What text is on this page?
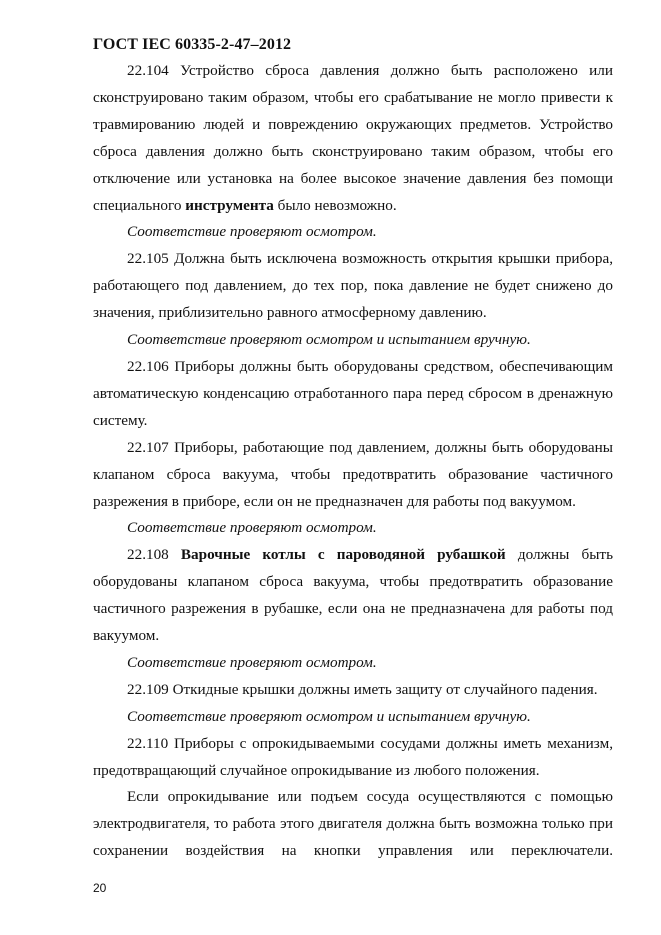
ГОСТ IEC 60335-2-47–2012

22.104 Устройство сброса давления должно быть расположено или сконструировано таким образом, чтобы его срабатывание не могло привести к травмированию людей и повреждению окружающих предметов. Устройство сброса давления должно быть сконструировано таким образом, чтобы его отключение или установка на более высокое значение давления без помощи специального инструмента было невозможно.

Соответствие проверяют осмотром.

22.105 Должна быть исключена возможность открытия крышки прибора, работающего под давлением, до тех пор, пока давление не будет снижено до значения, приблизительно равного атмосферному давлению.

Соответствие проверяют осмотром и испытанием вручную.

22.106 Приборы должны быть оборудованы средством, обеспечивающим автоматическую конденсацию отработанного пара перед сбросом в дренажную систему.

22.107 Приборы, работающие под давлением, должны быть оборудованы клапаном сброса вакуума, чтобы предотвратить образование частичного разрежения в приборе, если он не предназначен для работы под вакуумом.

Соответствие проверяют осмотром.

22.108 Варочные котлы с пароводяной рубашкой должны быть оборудованы клапаном сброса вакуума, чтобы предотвратить образование частичного разрежения в рубашке, если она не предназначена для работы под вакуумом.

Соответствие проверяют осмотром.

22.109 Откидные крышки должны иметь защиту от случайного падения.

Соответствие проверяют осмотром и испытанием вручную.

22.110 Приборы с опрокидываемыми сосудами должны иметь механизм, предотвращающий случайное опрокидывание из любого положения.

Если опрокидывание или подъем сосуда осуществляются с помощью электродвигателя, то работа этого двигателя должна быть возможна только при сохранении воздействия на кнопки управления или переключатели.

20
